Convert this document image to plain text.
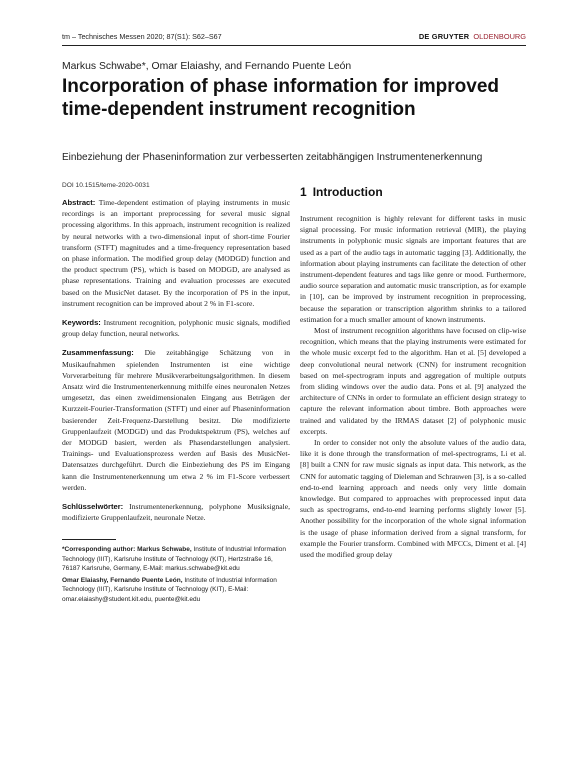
tm – Technisches Messen 2020; 87(S1): S62–S67	DE GRUYTER OLDENBOURG
Markus Schwabe*, Omar Elaiashy, and Fernando Puente León
Incorporation of phase information for improved time-dependent instrument recognition
Einbeziehung der Phaseninformation zur verbesserten zeitabhängigen Instrumentenerkennung

DOI 10.1515/teme-2020-0031

Abstract: Time-dependent estimation of playing instruments in music recordings is an important preprocessing for several music signal processing algorithms. In this approach, instrument recognition is realized by neural networks with a two-dimensional input of short-time Fourier transform (STFT) magnitudes and a time-frequency representation based on phase information. The modified group delay (MODGD) function and the product spectrum (PS), which is based on MODGD, are analysed as phase representations. Training and evaluation processes are executed based on the MusicNet dataset. By the incorporation of PS in the input, instrument recognition can be improved about 2 % in F1-score.

Keywords: Instrument recognition, polyphonic music signals, modified group delay function, neural networks.

Zusammenfassung: Die zeitabhängige Schätzung von in Musikaufnahmen spielenden Instrumenten ist eine wichtige Vorverarbeitung für mehrere Musikverarbeitungsalgorithmen. In diesem Ansatz wird die Instrumentenerkennung mithilfe eines neuronalen Netzes umgesetzt, das einen zweidimensionalen Eingang aus Beträgen der Kurzzeit-Fourier-Transformation (STFT) und einer auf Phaseninformation basierender Zeit-Frequenz-Darstellung besitzt. Die modifizierte Gruppenlaufzeit (MODGD) und das Produktspektrum (PS), welches auf der MODGD basiert, werden als Phasendarstellungen analysiert. Trainings- und Evaluationsprozess werden auf Basis des MusicNet-Datensatzes durchgeführt. Durch die Einbeziehung des PS im Eingang kann die Instrumentenerkennung um etwa 2 % im F1-Score verbessert werden.

Schlüsselwörter: Instrumentenerkennung, polyphone Musiksignale, modifizierte Gruppenlaufzeit, neuronale Netze.

*Corresponding author: Markus Schwabe, Institute of Industrial Information Technology (IIIT), Karlsruhe Institute of Technology (KIT), Hertzstraße 16, 76187 Karlsruhe, Germany, E-Mail: markus.schwabe@kit.edu

Omar Elaiashy, Fernando Puente León, Institute of Industrial Information Technology (IIIT), Karlsruhe Institute of Technology (KIT), E-Mail: omar.elaiashy@student.kit.edu, puente@kit.edu

1 Introduction

Instrument recognition is highly relevant for different tasks in music signal processing. For music information retrieval (MIR), the playing instruments in polyphonic music signals are important features that are used as a part of the audio tags in automatic tagging [3]. Additionally, the information about playing instruments can facilitate the detection of other instrument-dependent features and tags like genre or mood. Furthermore, audio source separation and automatic music transcription, as for example in [10], can be improved by instrument recognition in preprocessing, because the separation or transcription algorithm shrinks to a tailored estimation for a much smaller amount of known instruments.

Most of instrument recognition algorithms have focused on clip-wise recognition, which means that the playing instruments were estimated for the whole music excerpt fed to the algorithm. Han et al. [5] developed a deep convolutional neural network (CNN) for instrument recognition based on mel-spectrogram inputs and aggregation of multiple outputs from sliding windows over the audio data. Pons et al. [9] analyzed the architecture of CNNs in order to formulate an efficient design strategy to capture the relevant information about timbre. Both approaches were trained and validated by the IRMAS dataset [2] of polyphonic music excerpts.

In order to consider not only the absolute values of the audio data, like it is done through the transformation of mel-spectrograms, Li et al. [8] built a CNN for raw music signals as input data. This network, as the CNN for automatic tagging of Dieleman and Schrauwen [3], is a so-called end-to-end learning approach and needs only very little domain knowledge. But compared to approaches with preprocessed input data such as spectrograms, end-to-end learning performs slightly lower [5]. Another possibility for the incorporation of the whole signal information is the usage of phase information derived from a signal transform, for example the Fourier transform. Combined with MFCCs, Diment et al. [4] used the modified group delay
